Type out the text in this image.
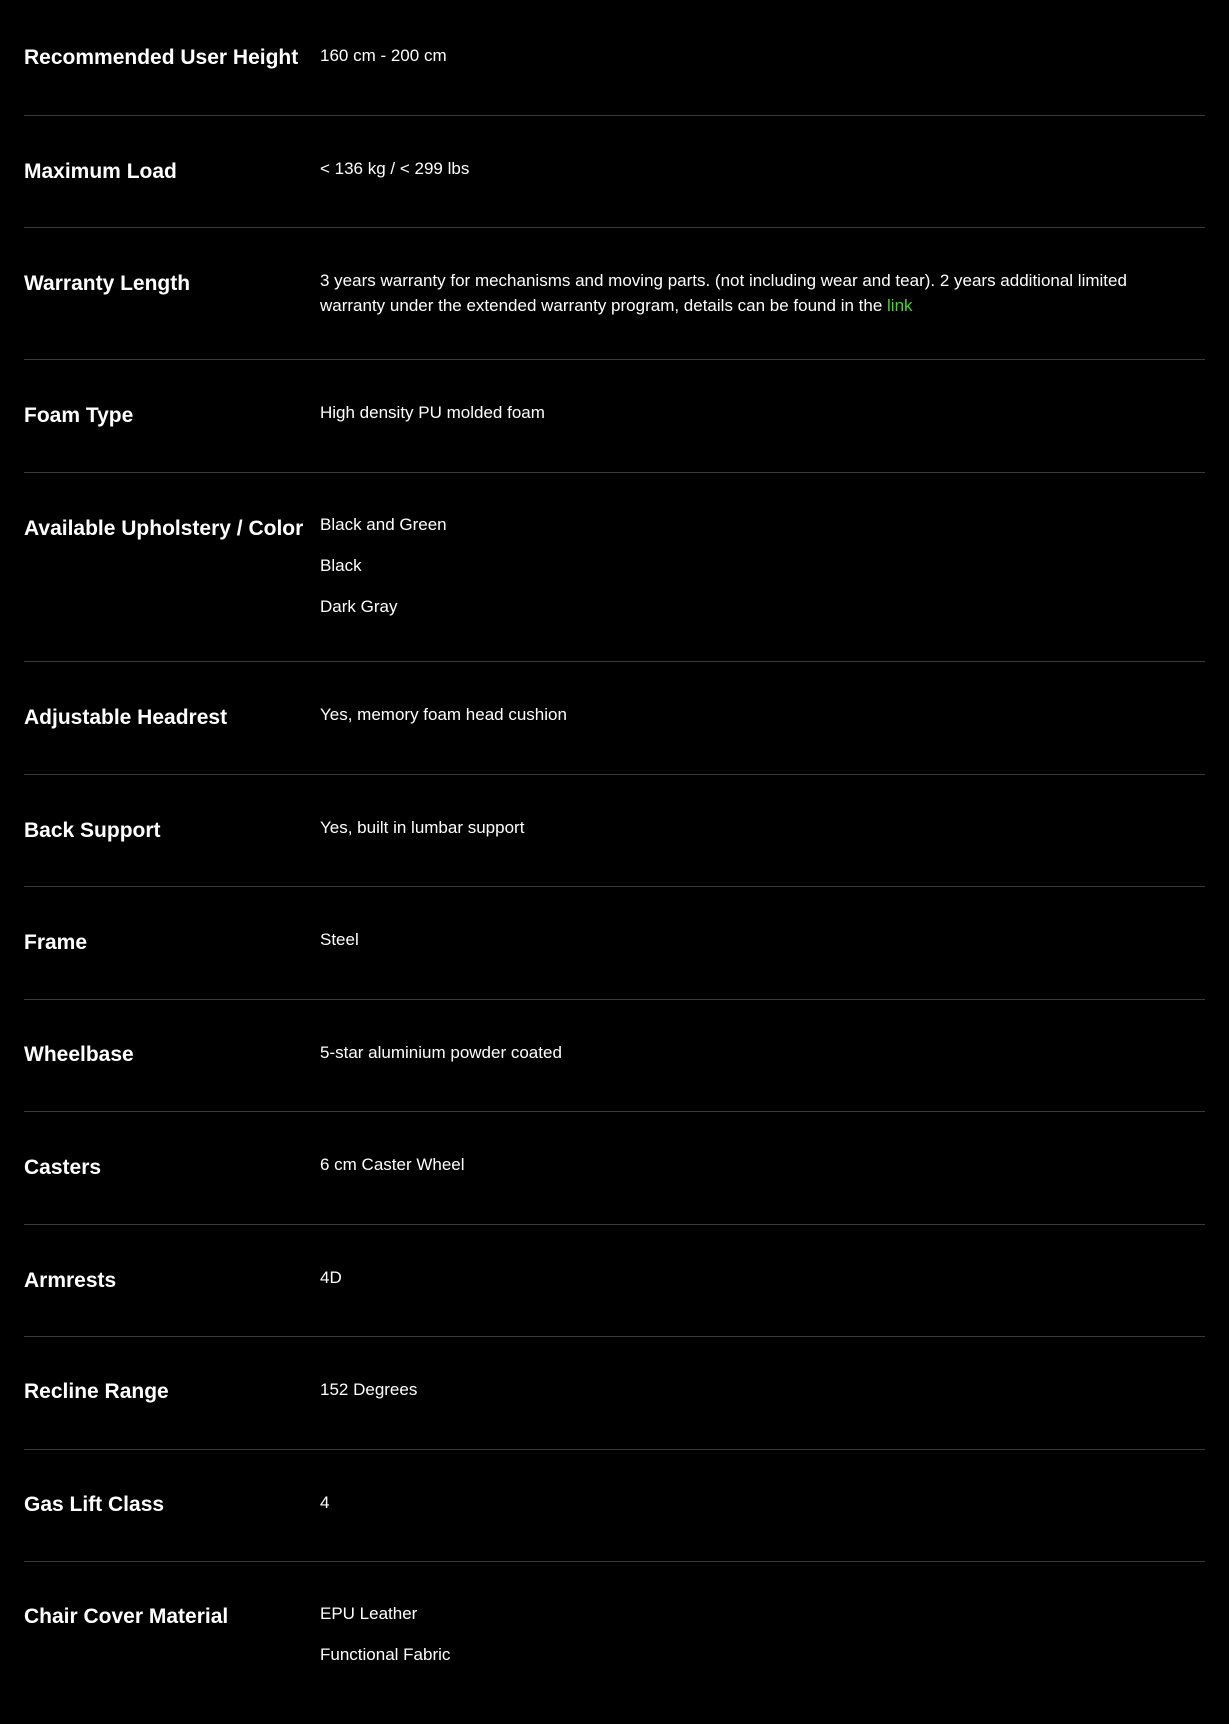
Recommended User Height 160 cm - 200 cm
Maximum Load	< 136 kg / < 299 lbs
Warranty Length	3 years warranty for mechanisms and moving parts. (not including wear and tear). 2 years additional limited
warranty under the extended warranty program, details can be found in the link
Foam Type	High density PU molded foam
Available Upholstery / Color Black and Green
Black
Dark Gray
Adjustable Headrest	Yes, memory foam head cushion
Back Support	Yes, built in lumbar support
Frame	Steel
Wheelbase	5-star aluminium powder coated
Casters	6 cm Caster Wheel
Armrests	4D
Recline Range	152 Degrees
Gas Lift Class	4
Chair Cover Material	EPU Leather
Functional Fabric
